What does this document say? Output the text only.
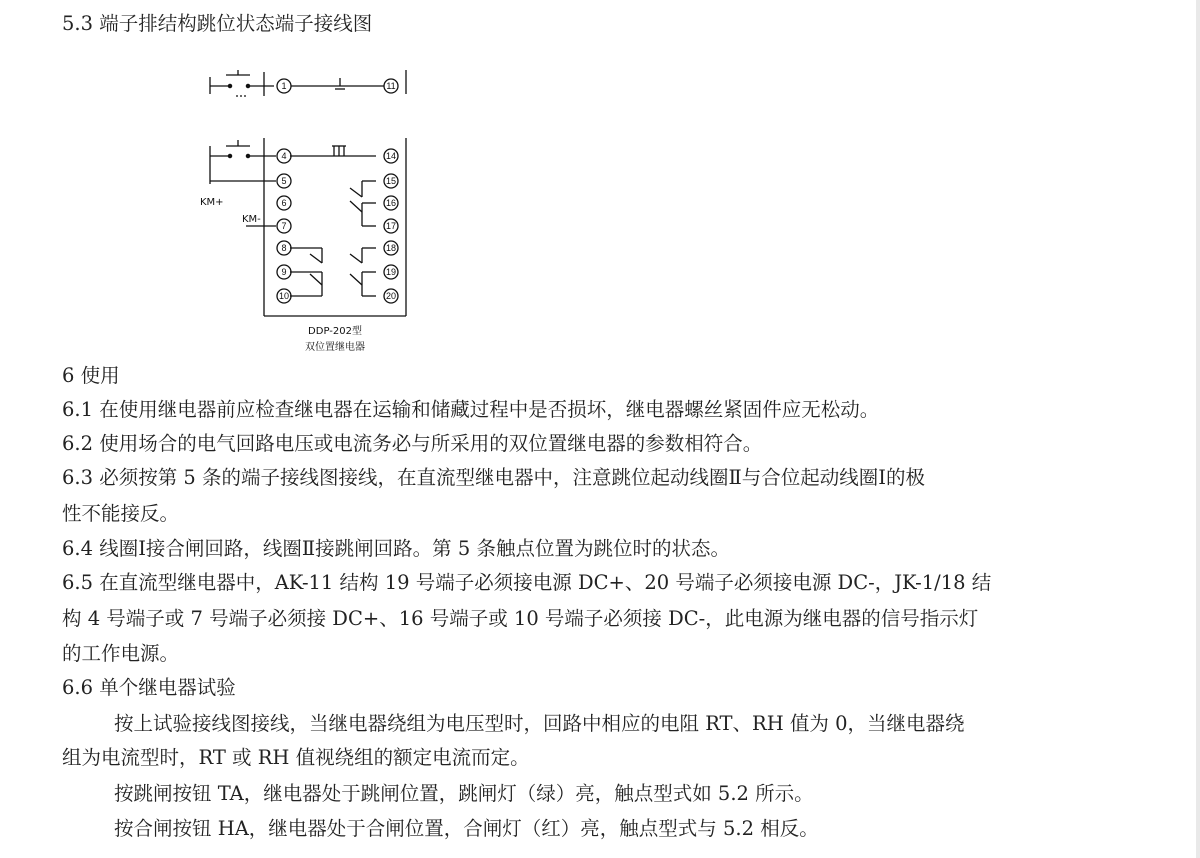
5.3 端子排结构跳位状态端子接线图
1	11
4
5
6
7
8
9
10
14
15
16
17
18
19
20
KM+
KM-
DDP-202型
双位置继电器
6 使用
6.1 在使用继电器前应检查继电器在运输和储藏过程中是否损坏，继电器螺丝紧固件应无松动。
6.2 使用场合的电气回路电压或电流务必与所采用的双位置继电器的参数相符合。
6.3 必须按第 5 条的端子接线图接线，在直流型继电器中，注意跳位起动线圈Ⅱ与合位起动线圈Ⅰ的极
性不能接反。
6.4 线圈Ⅰ接合闸回路，线圈Ⅱ接跳闸回路。第 5 条触点位置为跳位时的状态。
6.5 在直流型继电器中，AK-11 结构 19 号端子必须接电源 DC+、20 号端子必须接电源 DC-，JK-1/18 结
构 4 号端子或 7 号端子必须接 DC+、16 号端子或 10 号端子必须接 DC-，此电源为继电器的信号指示灯
的工作电源。
6.6 单个继电器试验
按上试验接线图接线，当继电器绕组为电压型时，回路中相应的电阻 RT、RH 值为 0，当继电器绕
组为电流型时，RT 或 RH 值视绕组的额定电流而定。
按跳闸按钮 TA，继电器处于跳闸位置，跳闸灯（绿）亮，触点型式如 5.2 所示。
按合闸按钮 HA，继电器处于合闸位置，合闸灯（红）亮，触点型式与 5.2 相反。
